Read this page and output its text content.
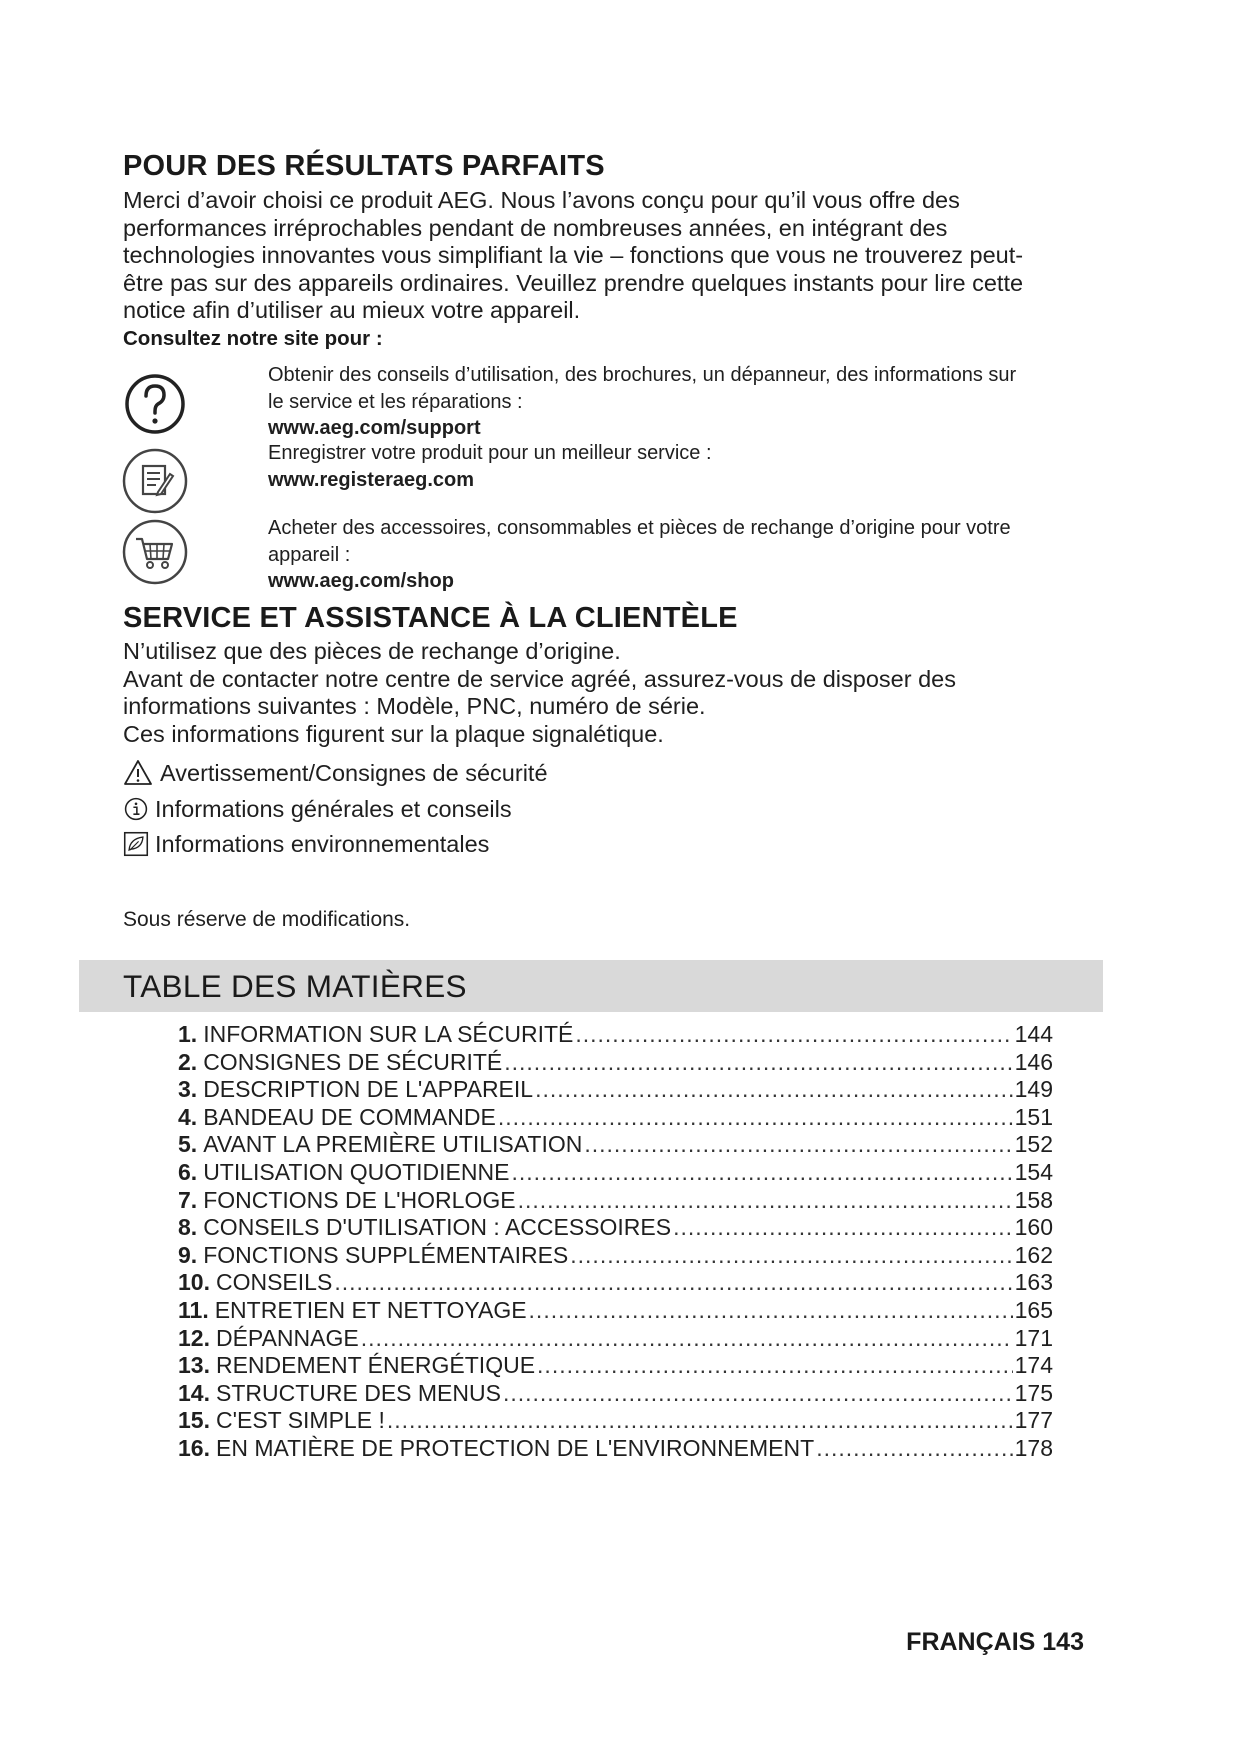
POUR DES RÉSULTATS PARFAITS
Merci d’avoir choisi ce produit AEG. Nous l’avons conçu pour qu’il vous offre des
performances irréprochables pendant de nombreuses années, en intégrant des
technologies innovantes vous simplifiant la vie – fonctions que vous ne trouverez peut-
être pas sur des appareils ordinaires. Veuillez prendre quelques instants pour lire cette
notice afin d’utiliser au mieux votre appareil.

Consultez notre site pour :

Obtenir des conseils d’utilisation, des brochures, un dépanneur, des informations sur
le service et les réparations :
www.aeg.com/support
Enregistrer votre produit pour un meilleur service :
www.registeraeg.com
Acheter des accessoires, consommables et pièces de rechange d’origine pour votre
appareil :
www.aeg.com/shop
SERVICE ET ASSISTANCE À LA CLIENTÈLE
N’utilisez que des pièces de rechange d’origine.
Avant de contacter notre centre de service agréé, assurez-vous de disposer des
informations suivantes : Modèle, PNC, numéro de série.
Ces informations figurent sur la plaque signalétique.
Avertissement/Consignes de sécurité
Informations générales et conseils
Informations environnementales
Sous réserve de modifications.
TABLE DES MATIÈRES
1. INFORMATION SUR LA SÉCURITÉ .....	144
2. CONSIGNES DE SÉCURITÉ .....	146
3. DESCRIPTION DE L'APPAREIL .....	149
4. BANDEAU DE COMMANDE .....	151
5. AVANT LA PREMIÈRE UTILISATION .....	152
6. UTILISATION QUOTIDIENNE .....	154
7. FONCTIONS DE L'HORLOGE .....	158
8. CONSEILS D'UTILISATION : ACCESSOIRES .....	160
9. FONCTIONS SUPPLÉMENTAIRES .....	162
10. CONSEILS .....	163
11. ENTRETIEN ET NETTOYAGE .....	165
12. DÉPANNAGE .....	171
13. RENDEMENT ÉNERGÉTIQUE .....	174
14. STRUCTURE DES MENUS .....	175
15. C'EST SIMPLE ! .....	177
16. EN MATIÈRE DE PROTECTION DE L'ENVIRONNEMENT .....	178
FRANÇAIS 143
